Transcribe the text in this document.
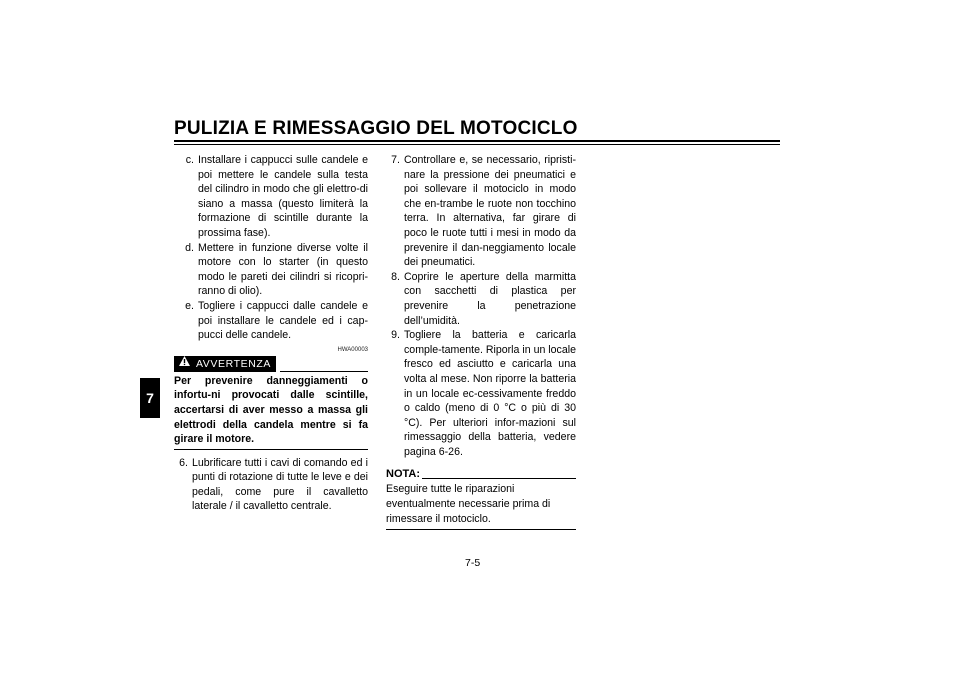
PULIZIA E RIMESSAGGIO DEL MOTOCICLO
7
c. Installare i cappucci sulle candele e poi mettere le candele sulla testa del cilindro in modo che gli elettro-di siano a massa (questo limiterà la formazione di scintille durante la prossima fase).
d. Mettere in funzione diverse volte il motore con lo starter (in questo modo le pareti dei cilindri si ricopri-ranno di olio).
e. Togliere i cappucci dalle candele e poi installare le candele ed i cap-pucci delle candele.
HWA00003
AVVERTENZA
Per prevenire danneggiamenti o infortu-ni provocati dalle scintille, accertarsi di aver messo a massa gli elettrodi della candela mentre si fa girare il motore.
6. Lubrificare tutti i cavi di comando ed i punti di rotazione di tutte le leve e dei pedali, come pure il cavalletto laterale / il cavalletto centrale.
7. Controllare e, se necessario, ripristi-nare la pressione dei pneumatici e poi sollevare il motociclo in modo che en-trambe le ruote non tocchino terra. In alternativa, far girare di poco le ruote tutti i mesi in modo da prevenire il dan-neggiamento locale dei pneumatici.
8. Coprire le aperture della marmitta con sacchetti di plastica per prevenire la penetrazione dell’umidità.
9. Togliere la batteria e caricarla comple-tamente. Riporla in un locale fresco ed asciutto e caricarla una volta al mese. Non riporre la batteria in un locale ec-cessivamente freddo o caldo (meno di 0 °C o più di 30 °C). Per ulteriori infor-mazioni sul rimessaggio della batteria, vedere pagina 6-26.
NOTA:
Eseguire tutte le riparazioni eventualmente necessarie prima di rimessare il motociclo.
7-5
